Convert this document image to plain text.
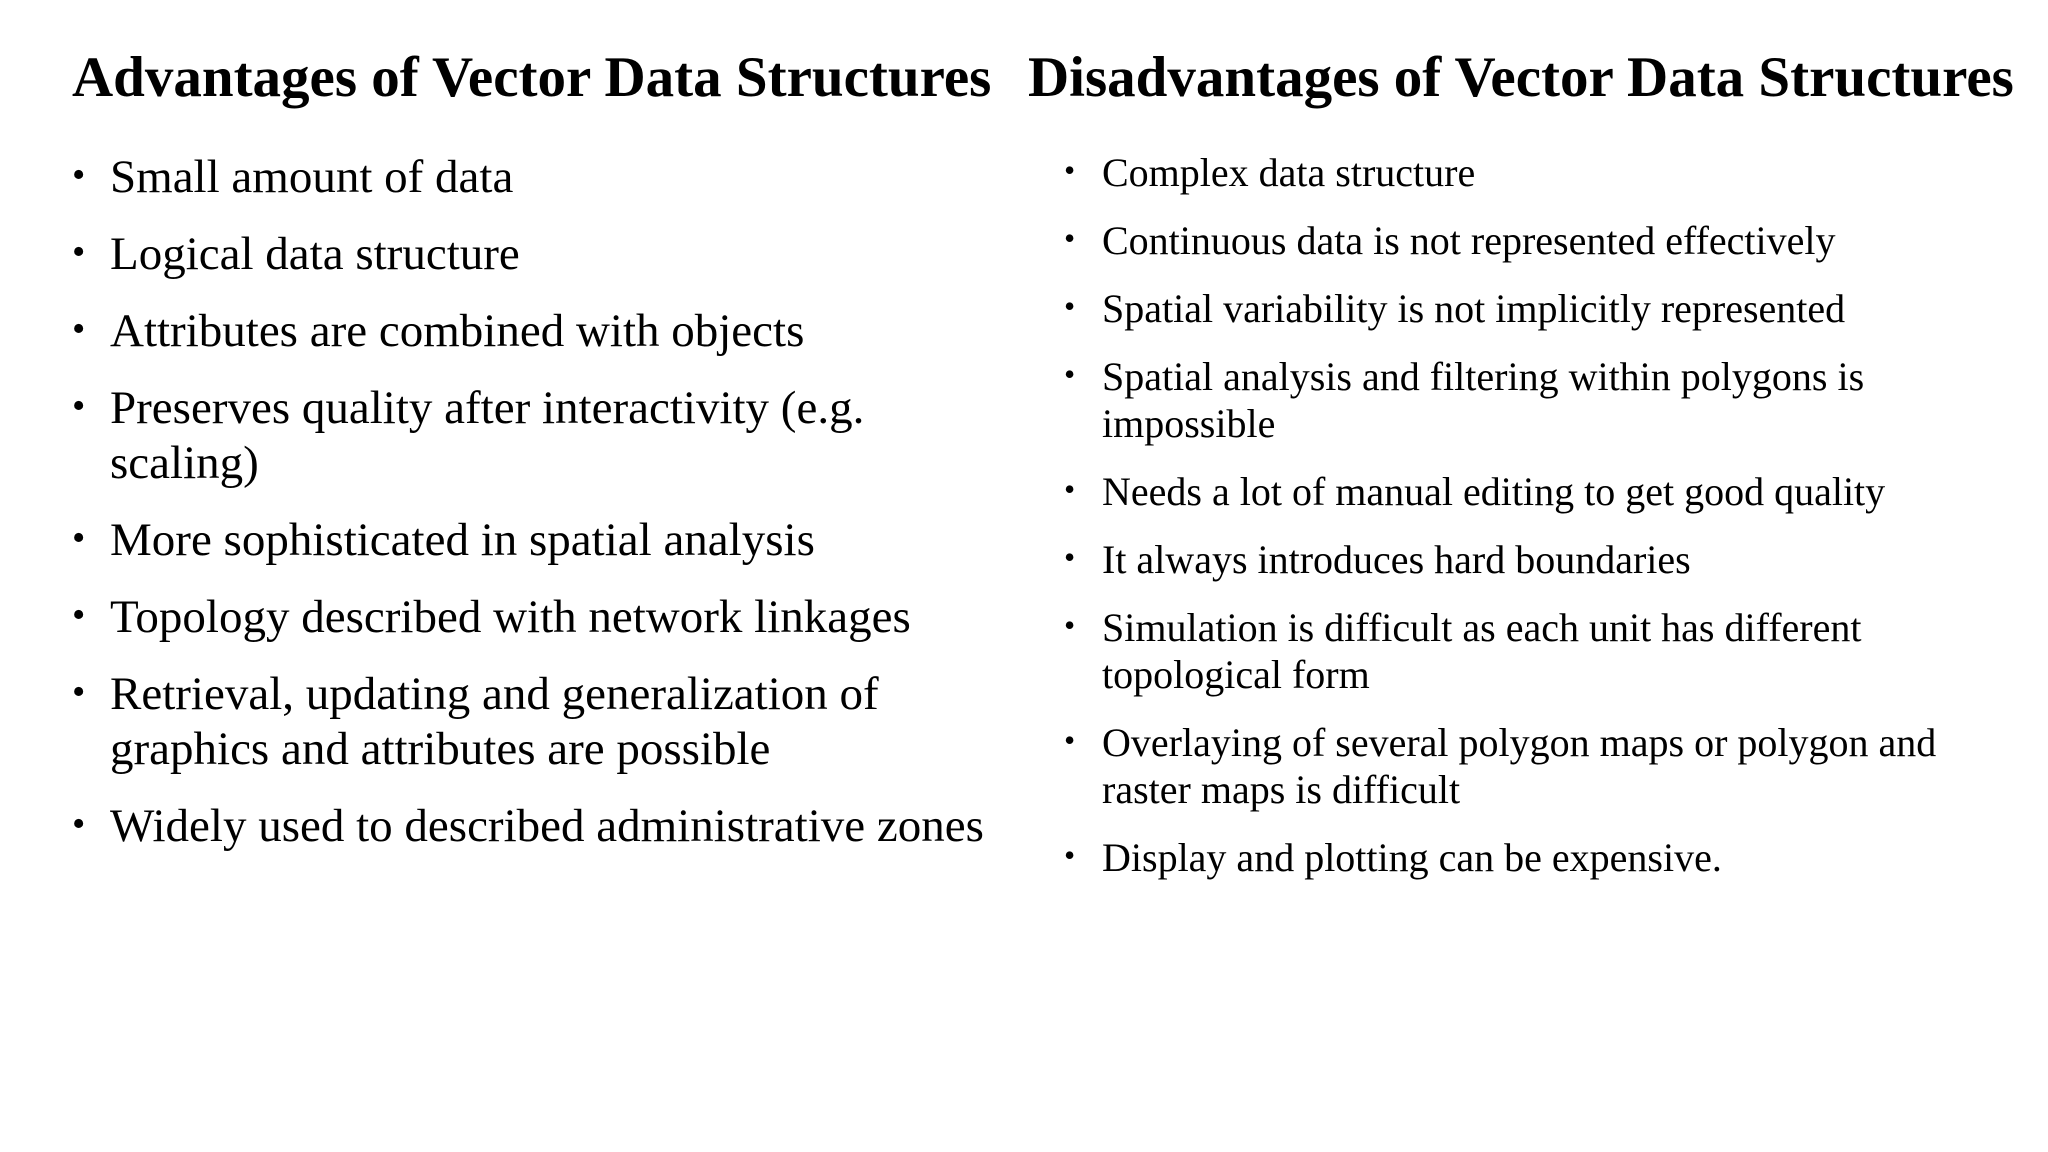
Advantages of Vector Data Structures
• Small amount of data
• Logical data structure
• Attributes are combined with objects
• Preserves quality after interactivity (e.g. scaling)
• More sophisticated in spatial analysis
• Topology described with network linkages
• Retrieval, updating and generalization of graphics and attributes are possible
• Widely used to described administrative zones
Disadvantages of Vector Data Structures
• Complex data structure
• Continuous data is not represented effectively
• Spatial variability is not implicitly represented
• Spatial analysis and filtering within polygons is impossible
• Needs a lot of manual editing to get good quality
• It always introduces hard boundaries
• Simulation is difficult as each unit has different topological form
• Overlaying of several polygon maps or polygon and raster maps is difficult
• Display and plotting can be expensive.
